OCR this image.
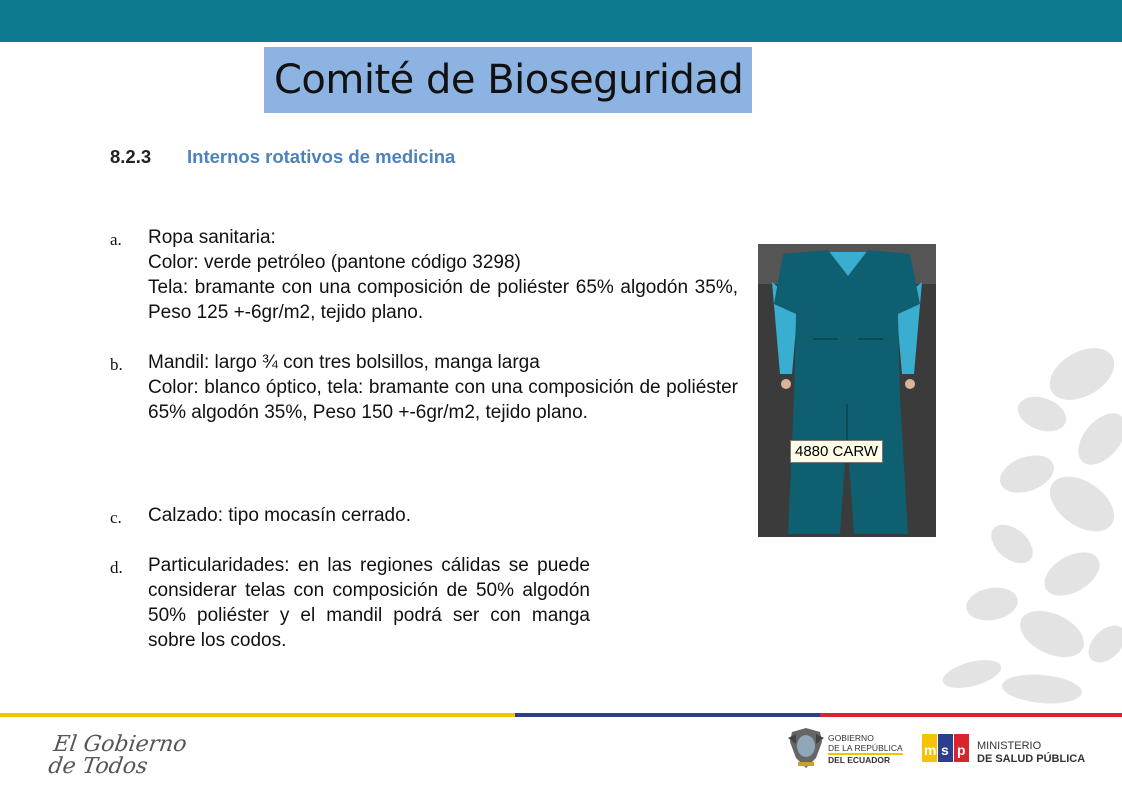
Comité de Bioseguridad
8.2.3 Internos rotativos de medicina
a. Ropa sanitaria:
Color: verde petróleo (pantone código 3298)
Tela: bramante con una composición de poliéster 65% algodón 35%, Peso 125 +-6gr/m2, tejido plano.
b. Mandil: largo ¾ con tres bolsillos, manga larga
Color: blanco óptico, tela: bramante con una composición de poliéster 65% algodón 35%, Peso 150 +-6gr/m2, tejido plano.
c. Calzado: tipo mocasín cerrado.
d. Particularidades: en las regiones cálidas se puede considerar telas con composición de 50% algodón 50% poliéster y el mandil podrá ser con manga sobre los codos.
4880 CARW
El Gobierno
de Todos
GOBIERNO
DE LA REPÚBLICA
DEL ECUADOR
m s p MINISTERIO
DE SALUD PÚBLICA
